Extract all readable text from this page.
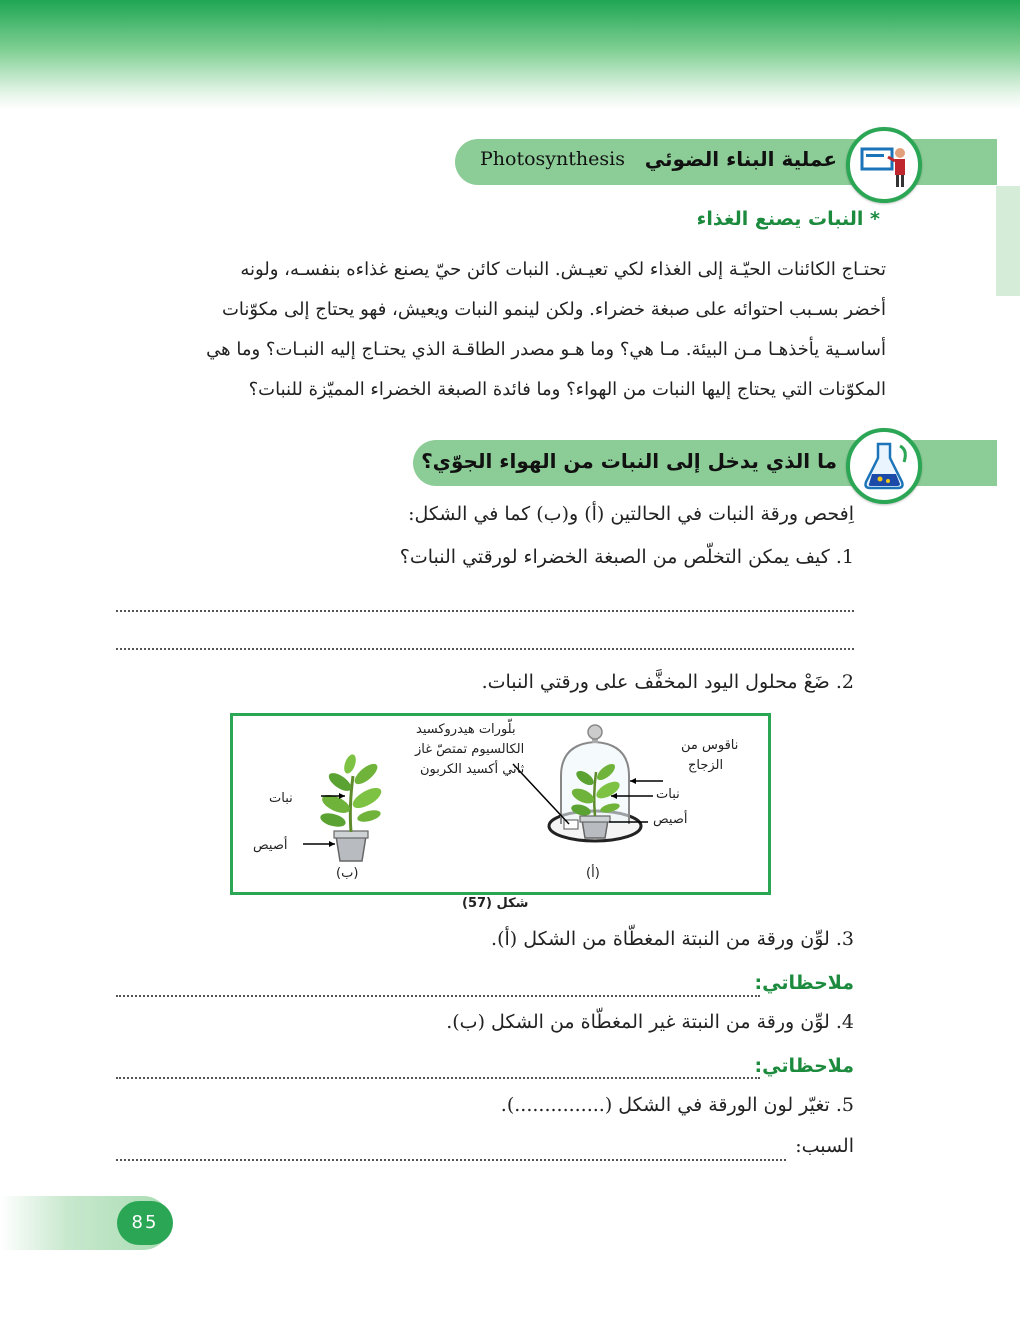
Photosynthesis عملية البناء الضوئي
* النبات يصنع الغذاء
تحتـاج الكائنات الحيّـة إلى الغذاء لكي تعيـش. النبات كائن حيّ يصنع غذاءه بنفسـه، ولونه
أخضر بسـبب احتوائه على صبغة خضراء. ولكن لينمو النبات ويعيش، فهو يحتاج إلى مكوّنات
أساسـية يأخذهـا مـن البيئة. مـا هي؟ وما هـو مصدر الطاقـة الذي يحتـاج إليه النبـات؟ وما هي
المكوّنات التي يحتاج إليها النبات من الهواء؟ وما فائدة الصبغة الخضراء المميّزة للنبات؟
ما الذي يدخل إلى النبات من الهواء الجوّي؟
اِفحص ورقة النبات في الحالتين (أ) و(ب) كما في الشكل:
1. كيف يمكن التخلّص من الصبغة الخضراء لورقتي النبات؟
2. ضَعْ محلول اليود المخفَّف على ورقتي النبات.
بلّورات هيدروكسيد
الكالسيوم تمتصّ غاز
ثاني أكسيد الكربون
ناقوس من
الزجاج
نبات
أصيص
نبات
أصيص
(أ)
(ب)
شكل (57)
3. لوِّن ورقة من النبتة المغطّاة من الشكل (أ).
ملاحظاتي:
4. لوِّن ورقة من النبتة غير المغطّاة من الشكل (ب).
ملاحظاتي:
5. تغيّر لون الورقة في الشكل (...............).
السبب:
85
